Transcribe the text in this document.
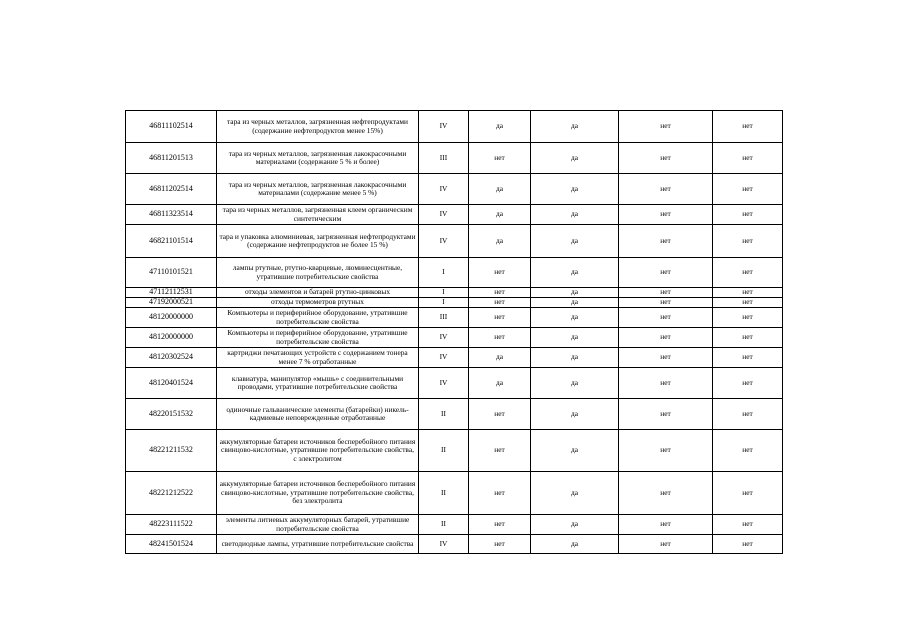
46811102514	тара из черных металлов, загрязненная нефтепродуктами (содержание нефтепродуктов менее 15%)	IV	да	да	нет	нет
46811201513	тара из черных металлов, загрязненная лакокрасочными материалами (содержание 5 % и более)	III	нет	да	нет	нет
46811202514	тара из черных металлов, загрязненная лакокрасочными материалами (содержание менее 5 %)	IV	да	да	нет	нет
46811323514	тара из черных металлов, загрязненная клеем органическим синтетическим	IV	да	да	нет	нет
46821101514	тара и упаковка алюминиевая, загрязненная нефтепродуктами (содержание нефтепродуктов не более 15 %)	IV	да	да	нет	нет
47110101521	лампы ртутные, ртутно-кварцевые, люминесцентные, утратившие потребительские свойства	I	нет	да	нет	нет
47112112531	отходы элементов и батарей ртутно-цинковых	I	нет	да	нет	нет
47192000521	отходы термометров ртутных	I	нет	да	нет	нет
48120000000	Компьютеры и периферийное оборудование, утратившие потребительские свойства	III	нет	да	нет	нет
48120000000	Компьютеры и периферийное оборудование, утратившие потребительские свойства	IV	нет	да	нет	нет
48120302524	картриджи печатающих устройств с содержанием тонера менее 7 % отработанные	IV	да	да	нет	нет
48120401524	клавиатура, манипулятор «мышь» с соединительными проводами, утратившие потребительские свойства	IV	да	да	нет	нет
48220151532	одиночные гальванические элементы (батарейки) никель-кадмиевые неповрежденные отработанные	II	нет	да	нет	нет
48221211532	аккумуляторные батареи источников бесперебойного питания свинцово-кислотные, утратившие потребительские свойства, с электролитом	II	нет	да	нет	нет
48221212522	аккумуляторные батареи источников бесперебойного питания свинцово-кислотные, утратившие потребительские свойства, без электролита	II	нет	да	нет	нет
48223111522	элементы литиевых аккумуляторных батарей, утратившие потребительские свойства	II	нет	да	нет	нет
48241501524	светодиодные лампы, утратившие потребительские свойства	IV	нет	да	нет	нет
